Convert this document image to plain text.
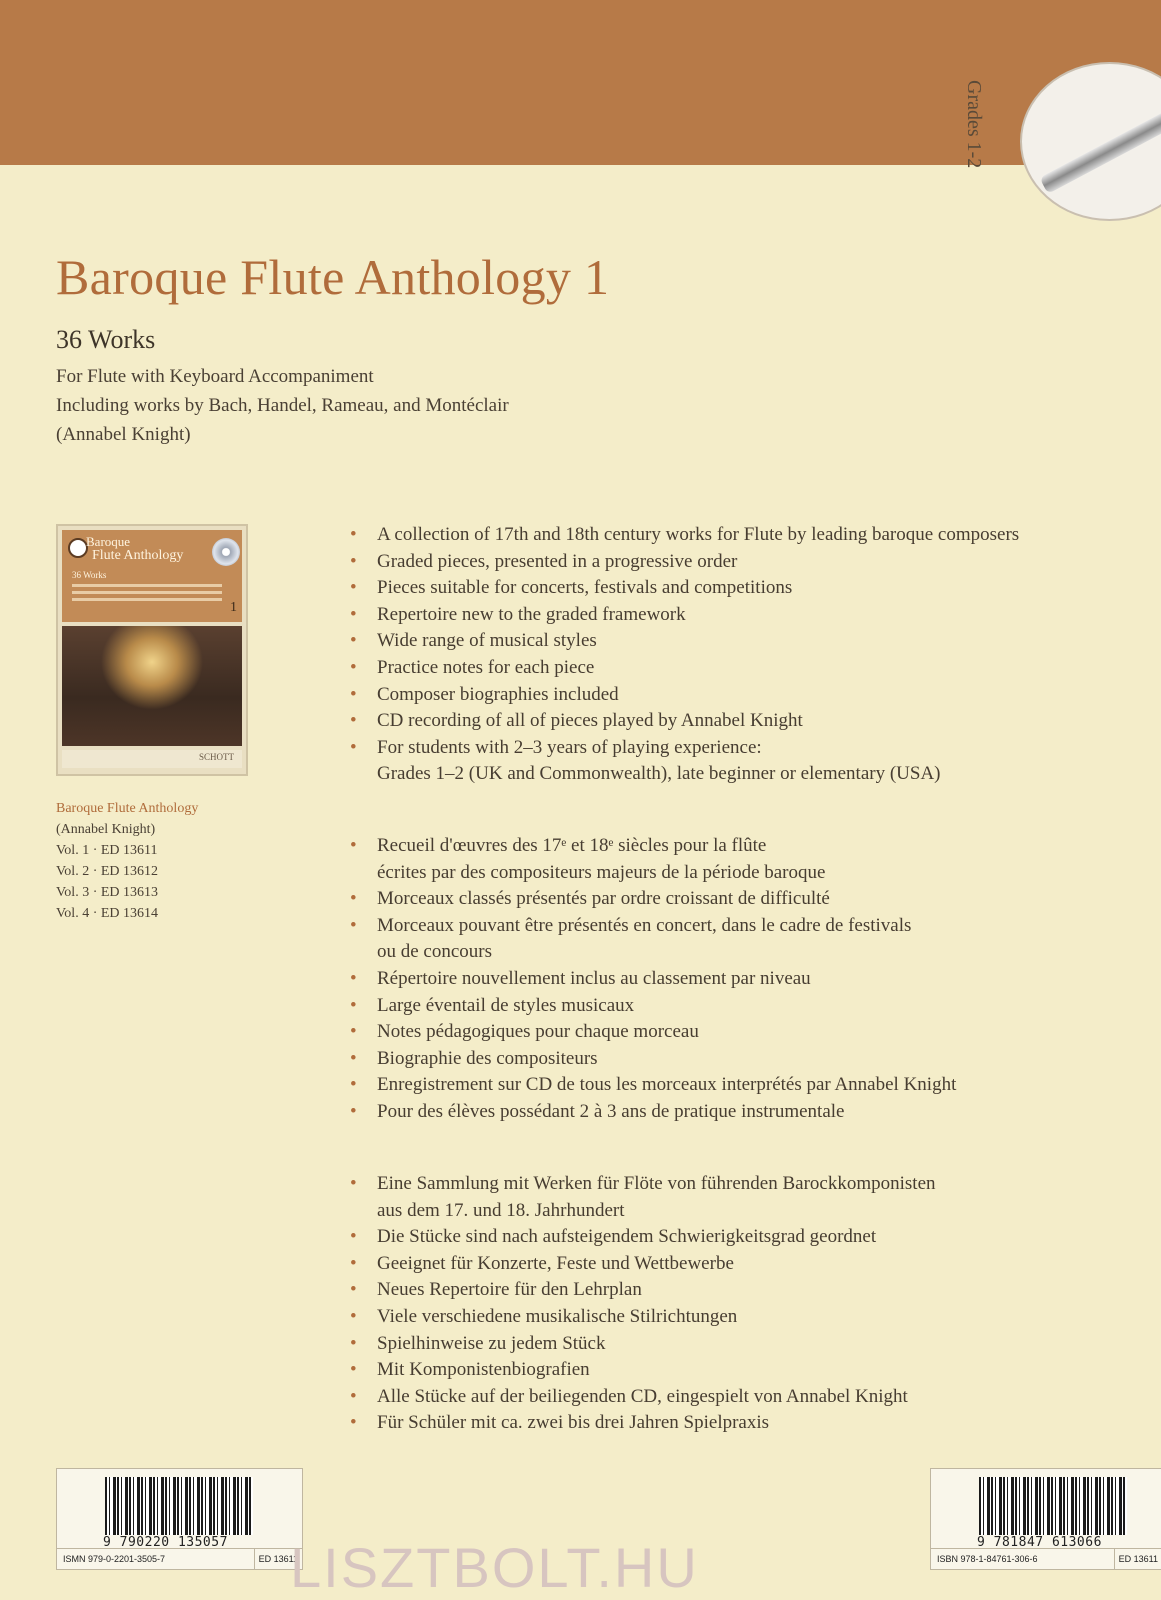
Grades 1-2
Baroque Flute Anthology 1
36 Works
For Flute with Keyboard Accompaniment
Including works by Bach, Handel, Rameau, and Montéclair
(Annabel Knight)
Baroque
Flute Anthology
36 Works
1
SCHOTT
Baroque Flute Anthology
(Annabel Knight)
Vol. 1 · ED 13611
Vol. 2 · ED 13612
Vol. 3 · ED 13613
Vol. 4 · ED 13614
• A collection of 17th and 18th century works for Flute by leading baroque composers
• Graded pieces, presented in a progressive order
• Pieces suitable for concerts, festivals and competitions
• Repertoire new to the graded framework
• Wide range of musical styles
• Practice notes for each piece
• Composer biographies included
• CD recording of all of pieces played by Annabel Knight
• For students with 2–3 years of playing experience:
Grades 1–2 (UK and Commonwealth), late beginner or elementary (USA)
• Recueil d'œuvres des 17ᵉ et 18ᵉ siècles pour la flûte
écrites par des compositeurs majeurs de la période baroque
• Morceaux classés présentés par ordre croissant de difficulté
• Morceaux pouvant être présentés en concert, dans le cadre de festivals
ou de concours
• Répertoire nouvellement inclus au classement par niveau
• Large éventail de styles musicaux
• Notes pédagogiques pour chaque morceau
• Biographie des compositeurs
• Enregistrement sur CD de tous les morceaux interprétés par Annabel Knight
• Pour des élèves possédant 2 à 3 ans de pratique instrumentale
• Eine Sammlung mit Werken für Flöte von führenden Barockkomponisten
aus dem 17. und 18. Jahrhundert
• Die Stücke sind nach aufsteigendem Schwierigkeitsgrad geordnet
• Geeignet für Konzerte, Feste und Wettbewerbe
• Neues Repertoire für den Lehrplan
• Viele verschiedene musikalische Stilrichtungen
• Spielhinweise zu jedem Stück
• Mit Komponistenbiografien
• Alle Stücke auf der beiliegenden CD, eingespielt von Annabel Knight
• Für Schüler mit ca. zwei bis drei Jahren Spielpraxis
9 790220 135057
ISMN 979-0-2201-3505-7	ED 13611
9 781847 613066
ISBN 978-1-84761-306-6	ED 13611
LISZTBOLT.HU
